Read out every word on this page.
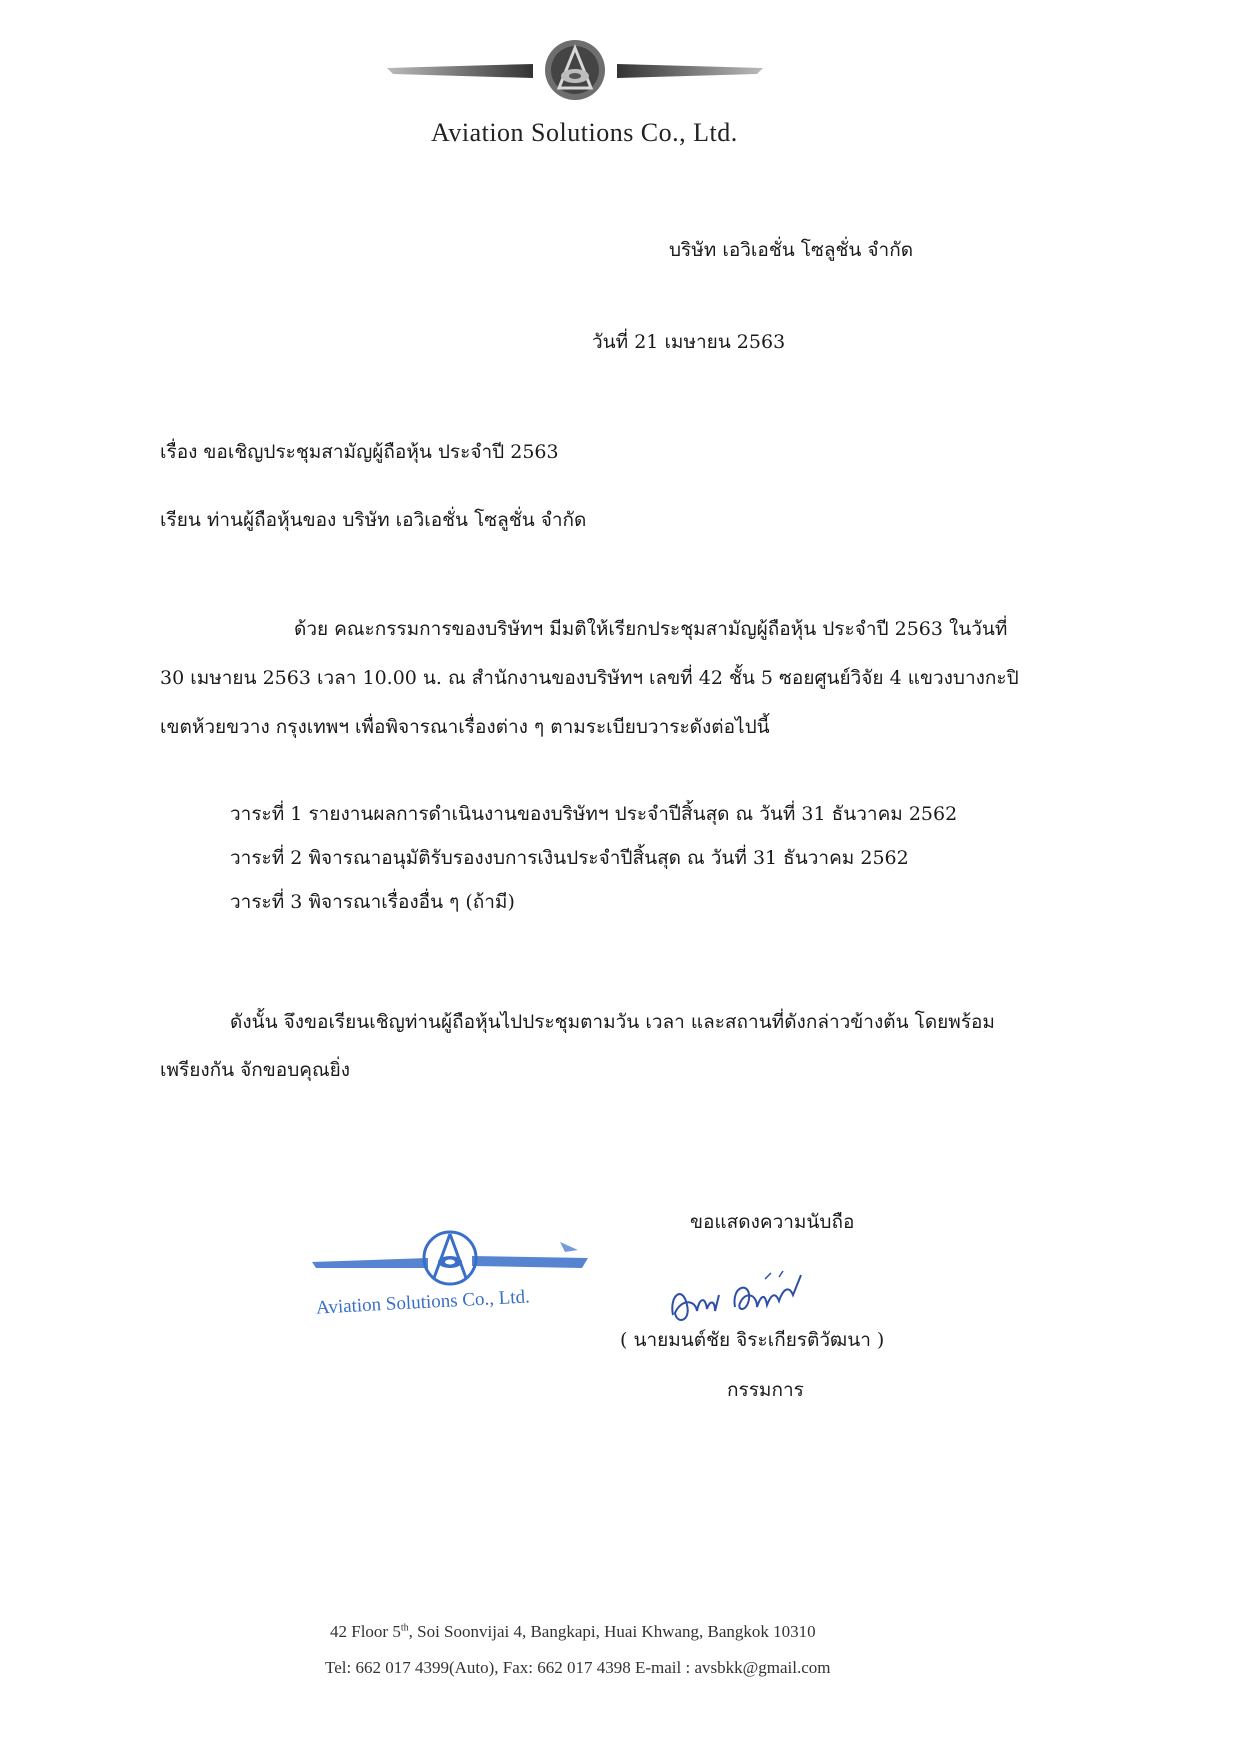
Aviation Solutions Co., Ltd.
บริษัท เอวิเอชั่น โซลูชั่น จำกัด
วันที่ 21 เมษายน 2563
เรื่อง ขอเชิญประชุมสามัญผู้ถือหุ้น ประจำปี 2563
เรียน ท่านผู้ถือหุ้นของ บริษัท เอวิเอชั่น โซลูชั่น จำกัด
ด้วย คณะกรรมการของบริษัทฯ มีมติให้เรียกประชุมสามัญผู้ถือหุ้น ประจำปี 2563 ในวันที่
30 เมษายน 2563 เวลา 10.00 น. ณ สำนักงานของบริษัทฯ เลขที่ 42 ชั้น 5 ซอยศูนย์วิจัย 4 แขวงบางกะปิ
เขตห้วยขวาง กรุงเทพฯ เพื่อพิจารณาเรื่องต่าง ๆ ตามระเบียบวาระดังต่อไปนี้
วาระที่ 1 รายงานผลการดำเนินงานของบริษัทฯ ประจำปีสิ้นสุด ณ วันที่ 31 ธันวาคม 2562
วาระที่ 2 พิจารณาอนุมัติรับรองงบการเงินประจำปีสิ้นสุด ณ วันที่ 31 ธันวาคม 2562
วาระที่ 3 พิจารณาเรื่องอื่น ๆ (ถ้ามี)
ดังนั้น จึงขอเรียนเชิญท่านผู้ถือหุ้นไปประชุมตามวัน เวลา และสถานที่ดังกล่าวข้างต้น โดยพร้อม
เพรียงกัน จักขอบคุณยิ่ง
ขอแสดงความนับถือ
Aviation Solutions Co., Ltd.
( นายมนต์ชัย จิระเกียรติวัฒนา )
กรรมการ
42 Floor 5th, Soi Soonvijai 4, Bangkapi, Huai Khwang, Bangkok 10310
Tel: 662 017 4399(Auto), Fax: 662 017 4398 E-mail : avsbkk@gmail.com
